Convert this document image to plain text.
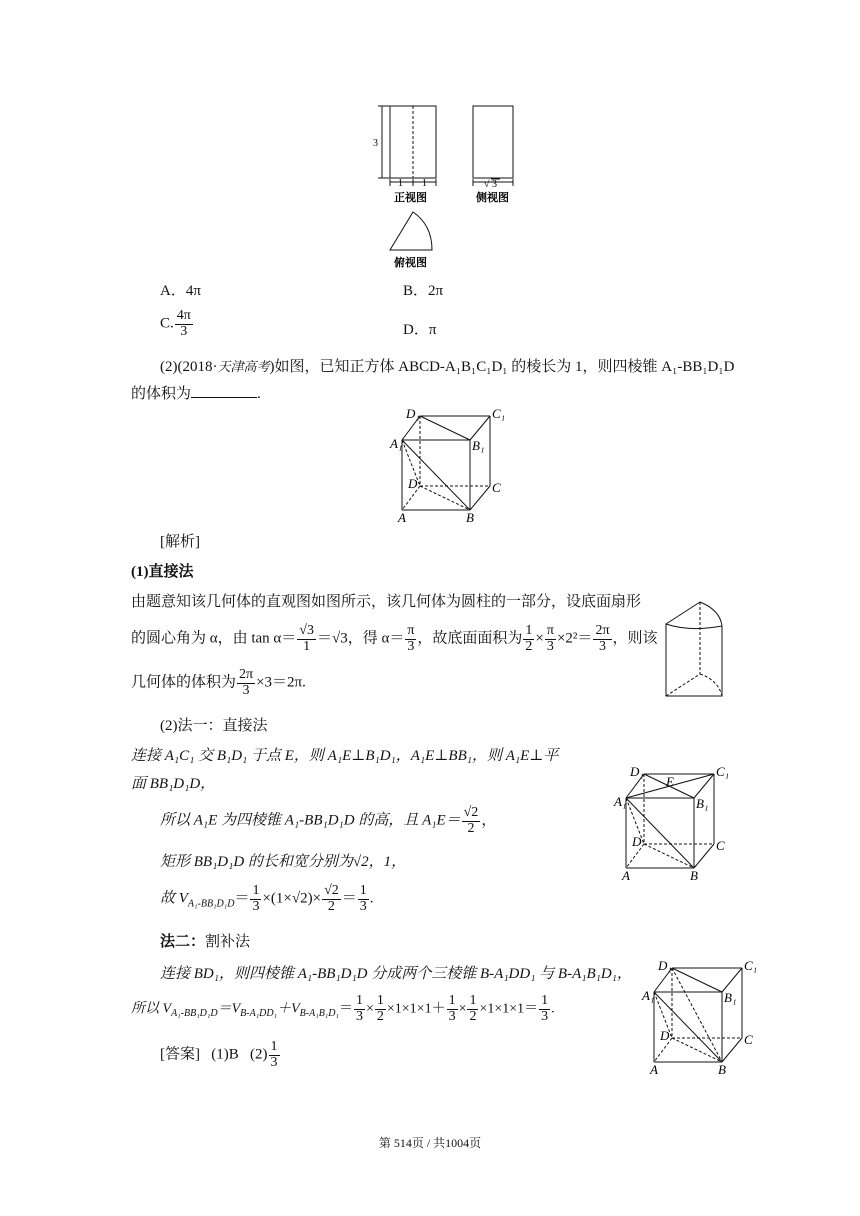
3
1 1
正视图
√ 3
侧视图
俯视图
A．4π	B．2π
C. $\frac{4\pi}{3}$	D．π
(2)(2018·天津高考)如图，已知正方体 ABCD-A₁B₁C₁D₁ 的棱长为 1，则四棱锥 A₁-BB₁D₁D
的体积为	.
D₁	C₁
A₁	B₁
D	C
A	B
[解析]
(1)直接法
由题意知该几何体的直观图如图所示，该几何体为圆柱的一部分，设底面扇形
的圆心角为 α，由 $\tan \alpha= \frac{√3}{1} =√3$，得 $\alpha= \frac{\pi}{3}$ ，故底面面积为 $\frac{1}{2} \times \frac{\pi}{3} \times 2^2= \frac{2\pi}{3}$ ，则该
几何体的体积为 $\frac{2\pi}{3} \times 3=2\pi$.
(2)法一：直接法
连接 A₁C₁ 交 B₁D₁ 于点 E，则 A₁E⊥B₁D₁，A₁E⊥BB₁，则 A₁E⊥平
面 BB₁D₁D，
所以 A₁E 为四棱锥 A₁-BB₁D₁D 的高，且 $A_1E= \frac{√2}{2}$ ，
矩形 BB₁D₁D 的长和宽分别为√2，1，
故 $V_{A_1-BB_1D_1D}= \frac{1}{3} \times(1\times√2)\times \frac{√2}{2} = \frac{1}{3}$ .
D₁	C₁
E
A₁	B₁
D	C
A	B
法二：割补法
连接 BD₁，则四棱锥 A₁-BB₁D₁D 分成两个三棱锥 B-A₁DD₁ 与 B-A₁B₁D₁，
所以 $V_{A_1-BB_1D_1D}=V_{B-A_1DD_1}+V_{B-A_1B_1D_1}= \frac{1}{3} \times \frac{1}{2} \times 1\times 1\times 1+ \frac{1}{3} \times \frac{1}{2} \times 1\times 1\times 1= \frac{1}{3}$ .
[答案] (1)B $(2) \frac{1}{3}$
D₁	C₁
A₁	B₁
D	C
A	B
第 514页 / 共1004页
